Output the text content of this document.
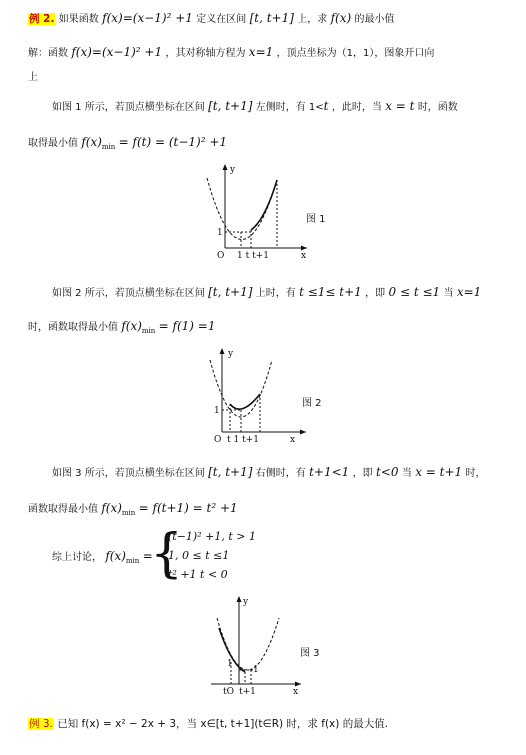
例 2. 如果函数 f(x)=(x−1)² +1 定义在区间 [t, t+1] 上，求 f(x) 的最小值
解：函数 f(x)=(x−1)² +1 ，其对称轴方程为 x=1 ，顶点坐标为（1，1），图象开口向
上
如图 1 所示，若顶点横坐标在区间 [t, t+1] 左侧时，有 1<t ，此时，当 x = t 时，函数
取得最小值 $f(x)_{min} = f(t) = (t-1)^2 +1$
y
x
O
1
1 t t+1
图 1
如图 2 所示，若顶点横坐标在区间 [t, t+1] 上时，有 t ≤1≤ t+1 ，即 0 ≤ t ≤1 当 x=1
时，函数取得最小值 $f(x)_{min} = f(1) =1$
y
x
O
1
t 1 t+1
图 2
如图 3 所示，若顶点横坐标在区间 [t, t+1] 右侧时，有 t+1<1 ，即 t<0 当 x = t+1 时，
函数取得最小值 $f(x)_{min} = f(t+1) = t^2 +1$
综上讨论， $f(x)_{min}$ =
{
(t−1)² +1, t > 1
1, 0 ≤ t ≤1
t² +1 t < 0
y
x
tO t+1
1
1
图 3
例 3. 已知 f(x) = x² − 2x + 3，当 x∈[t, t+1](t∈R) 时，求 f(x) 的最大值.
